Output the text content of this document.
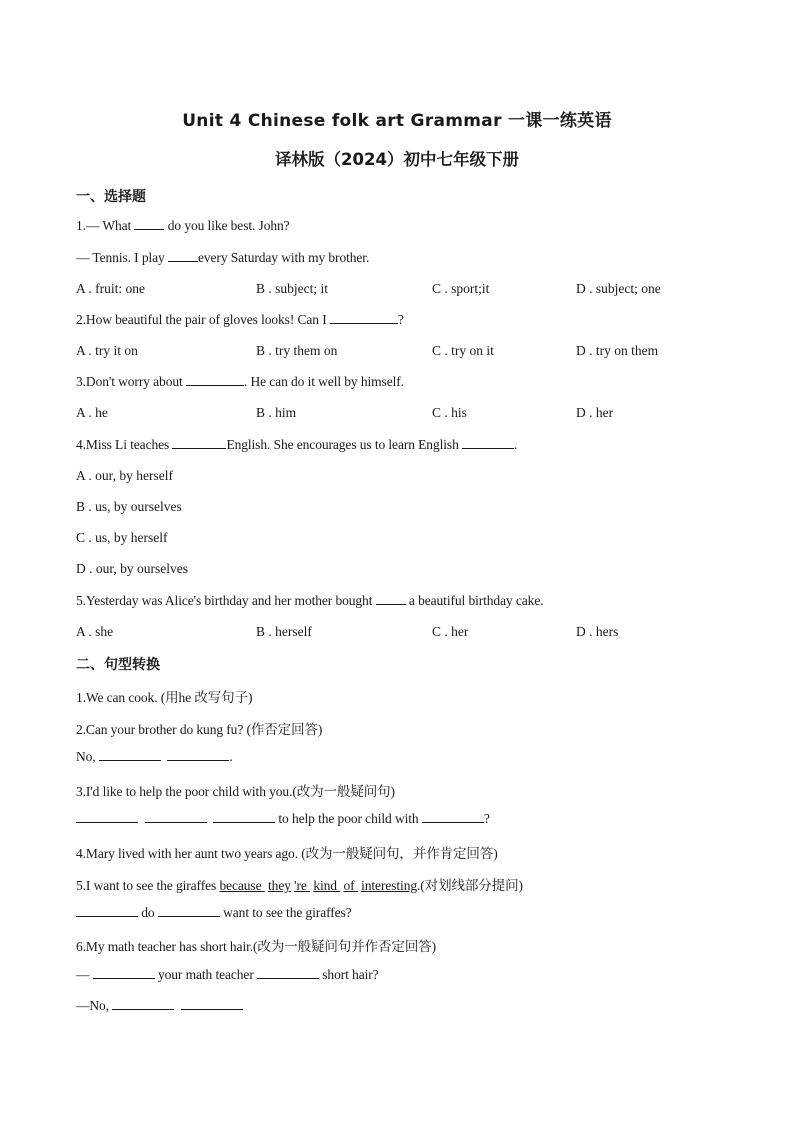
Unit 4 Chinese folk art Grammar 一课一练英语
译林版（2024）初中七年级下册
一、选择题
1.— What  do you like best. John?
— Tennis. I play every Saturday with my brother.
A . fruit: one	B . subject; it	C . sport;it	D . subject; one
2.How beautiful the pair of gloves looks! Can I	?
A . try it on	B . try them on	C . try on it	D . try on them
3.Don't worry about	. He can do it well by himself.
A . he	B . him	C . his	D . her
4.Miss Li teaches	English. She encourages us to learn English	.
A . our, by herself
B . us, by ourselves
C . us, by herself
D . our, by ourselves
5.Yesterday was Alice's birthday and her mother bought  a beautiful birthday cake.
A . she	B . herself	C . her	D . hers
二、句型转换
1.We can cook. (用he 改写句子)
2.Can your brother do kung fu? (作否定回答)
No,	.
3.I'd like to help the poor child with you.(改为一般疑问句)
to help the poor child with	?
4.Mary lived with her aunt two years ago. (改为一般疑问句，并作肯定回答)
5.I want to see the giraffes because  they 're  kind  of  interesting.(对划线部分提问)
do	want to see the giraffes?
6.My math teacher has short hair.(改为一般疑问句并作否定回答)
—	your math teacher	short hair?
—No,
